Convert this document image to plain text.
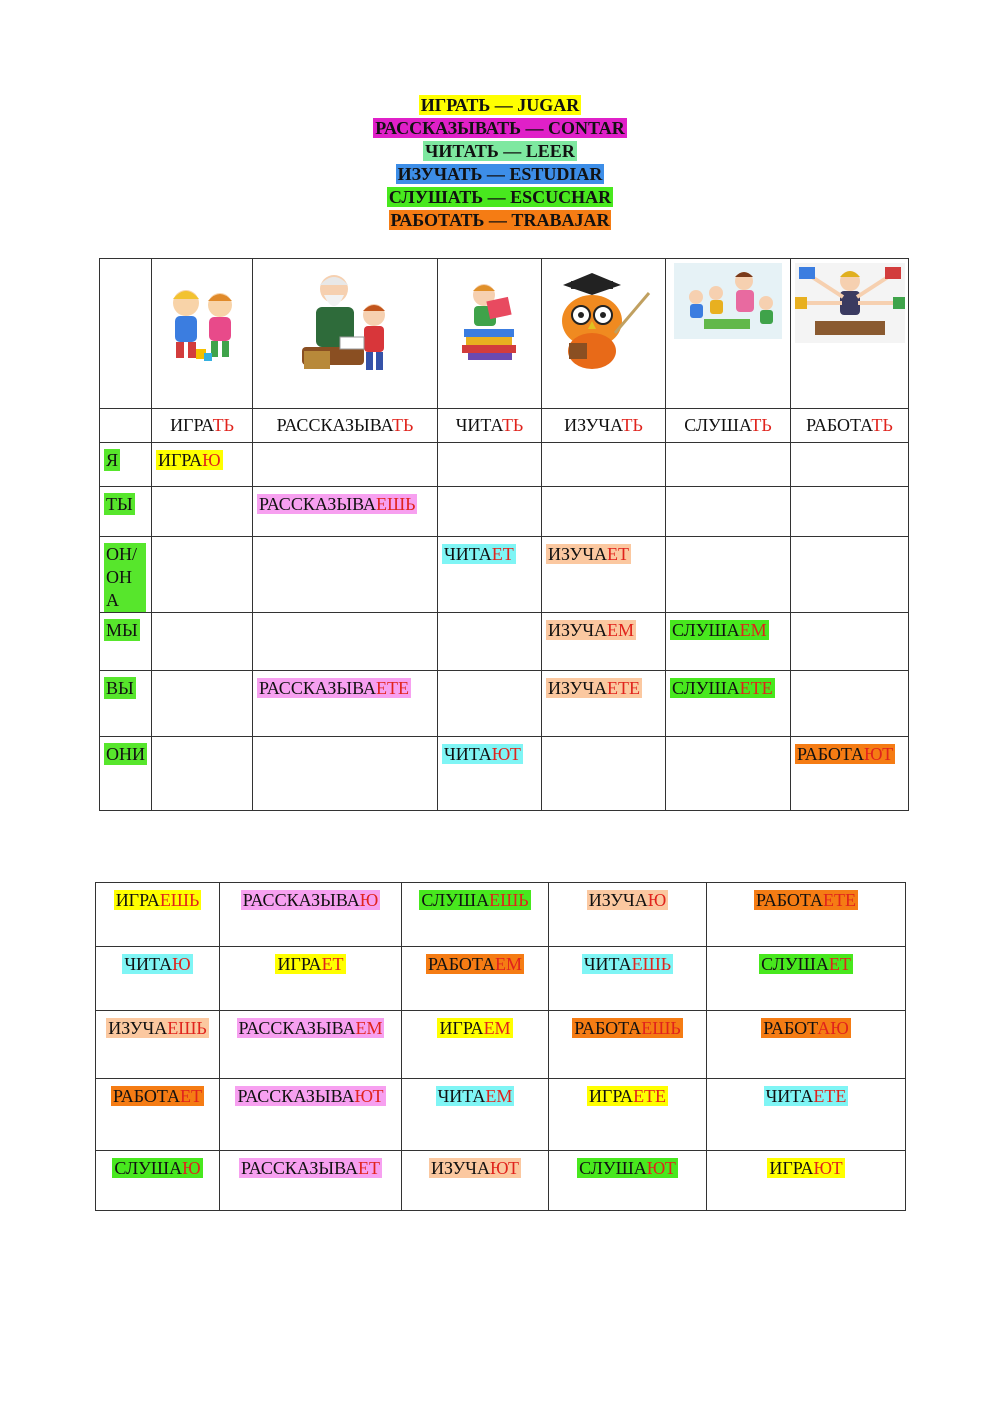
ИГРАТЬ — JUGAR
РАССКАЗЫВАТЬ — CONTAR
ЧИТАТЬ — LEER
ИЗУЧАТЬ — ESTUDIAR
СЛУШАТЬ — ESCUCHAR
РАБОТАТЬ — TRABAJAR

	ИГРАТЬ	РАССКАЗЫВАТЬ	ЧИТАТЬ	ИЗУЧАТЬ	СЛУШАТЬ	РАБОТАТЬ
Я	ИГРАЮ					
ТЫ		РАССКАЗЫВАЕШЬ				
ОН/ ОНА			ЧИТАЕТ	ИЗУЧАЕТ		
МЫ				ИЗУЧАЕМ	СЛУШАЕМ	
ВЫ		РАССКАЗЫВАЕТЕ		ИЗУЧАЕТЕ	СЛУШАЕТЕ	
ОНИ			ЧИТАЮТ			РАБОТАЮТ
ИГРАЕШЬ	РАССКАЗЫВАЮ	СЛУШАЕШЬ	ИЗУЧАЮ	РАБОТАЕТЕ
ЧИТАЮ	ИГРАЕТ	РАБОТАЕМ	ЧИТАЕШЬ	СЛУШАЕТ
ИЗУЧАЕШЬ	РАССКАЗЫВАЕМ	ИГРАЕМ	РАБОТАЕШЬ	РАБОТАЮ
РАБОТАЕТ	РАССКАЗЫВАЮТ	ЧИТАЕМ	ИГРАЕТЕ	ЧИТАЕТЕ
СЛУШАЮ	РАССКАЗЫВАЕТ	ИЗУЧАЮТ	СЛУШАЮТ	ИГРАЮТ
